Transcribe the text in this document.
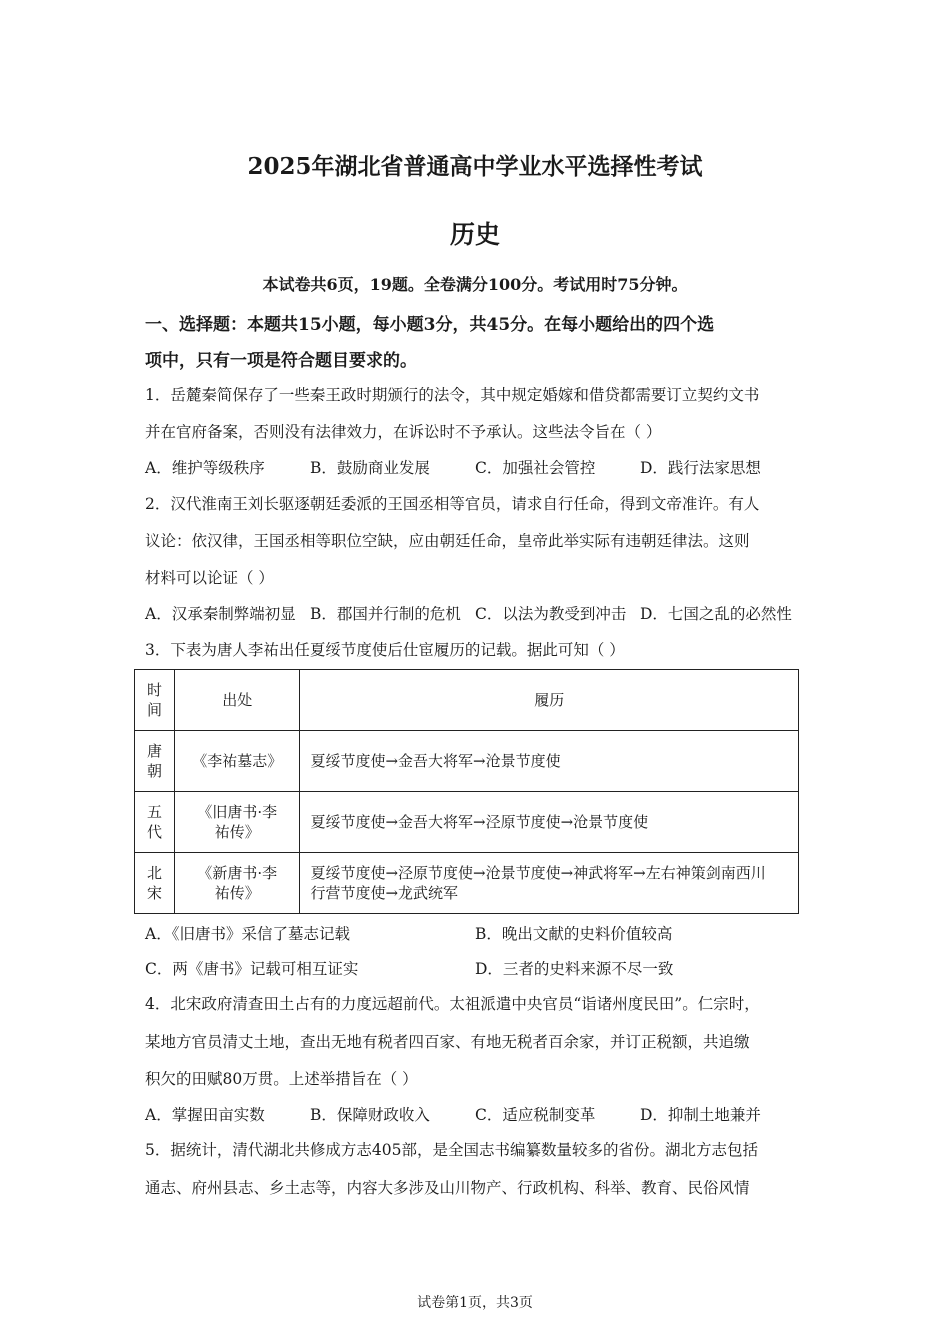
2025年湖北省普通高中学业水平选择性考试
历史
本试卷共6页，19题。全卷满分100分。考试用时75分钟。
一、选择题：本题共15小题，每小题3分，共45分。在每小题给出的四个选
项中，只有一项是符合题目要求的。
1．岳麓秦简保存了一些秦王政时期颁行的法令，其中规定婚嫁和借贷都需要订立契约文书
并在官府备案，否则没有法律效力，在诉讼时不予承认。这些法令旨在（ ）
A．维护等级秩序	B．鼓励商业发展	C．加强社会管控	D．践行法家思想
2．汉代淮南王刘长驱逐朝廷委派的王国丞相等官员，请求自行任命，得到文帝准许。有人
议论：依汉律，王国丞相等职位空缺，应由朝廷任命，皇帝此举实际有违朝廷律法。这则
材料可以论证（ ）
A．汉承秦制弊端初显 B．郡国并行制的危机 C．以法为教受到冲击 D．七国之乱的必然性
3．下表为唐人李祐出任夏绥节度使后仕宦履历的记载。据此可知（ ）
时间	出处	履历

唐朝	《李祐墓志》	夏绥节度使→金吾大将军→沧景节度使

五代	《旧唐书·李祐传》	夏绥节度使→金吾大将军→泾原节度使→沧景节度使

北宋	《新唐书·李祐传》	夏绥节度使→泾原节度使→沧景节度使→神武将军→左右神策剑南西川行营节度使→龙武统军
A．《旧唐书》采信了墓志记载	B．晚出文献的史料价值较高
C．两《唐书》记载可相互证实	D．三者的史料来源不尽一致
4．北宋政府清查田土占有的力度远超前代。太祖派遣中央官员“诣诸州度民田”。仁宗时，
某地方官员清丈土地，查出无地有税者四百家、有地无税者百余家，并订正税额，共追缴
积欠的田赋80万贯。上述举措旨在（ ）
A．掌握田亩实数	B．保障财政收入	C．适应税制变革	D．抑制土地兼并
5．据统计，清代湖北共修成方志405部，是全国志书编纂数量较多的省份。湖北方志包括
通志、府州县志、乡土志等，内容大多涉及山川物产、行政机构、科举、教育、民俗风情
试卷第1页，共3页
